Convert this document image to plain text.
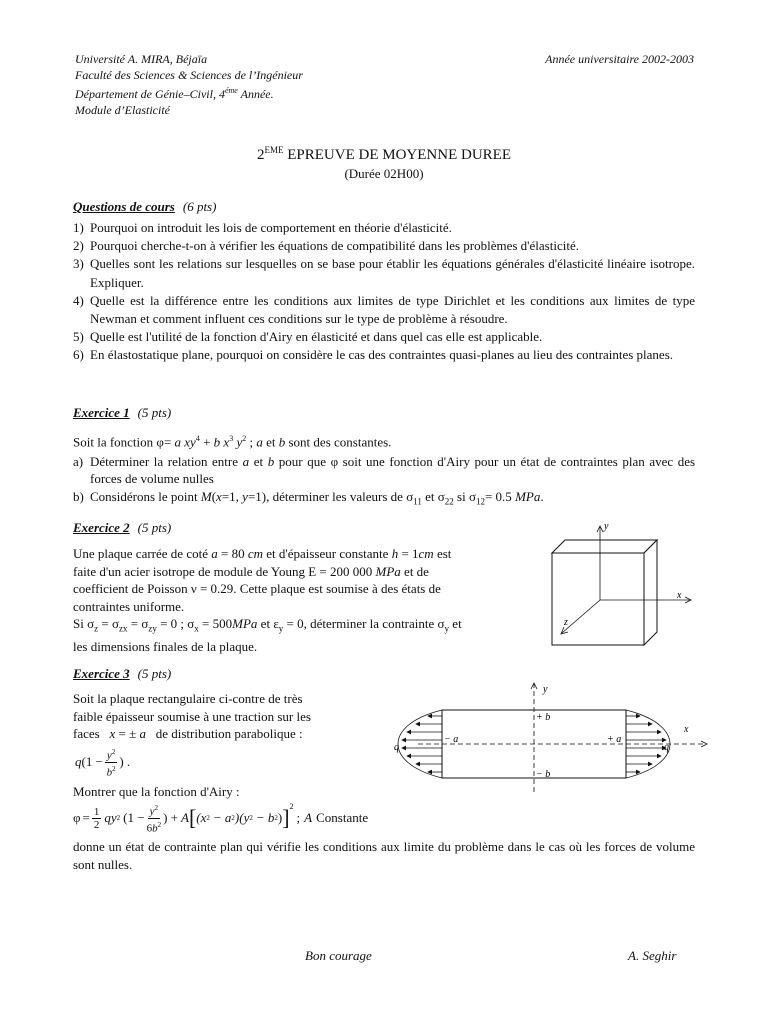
Université A. MIRA, Béjaïa
Faculté des Sciences & Sciences de l’Ingénieur
Département de Génie–Civil, $4^{éme}$ Année.
Module d’Elasticité
Année universitaire 2002-2003
2EME EPREUVE DE MOYENNE DUREE
(Durée 02H00)
Questions de cours (6 pts)
1) Pourquoi on introduit les lois de comportement en théorie d'élasticité.
2) Pourquoi cherche-t-on à vérifier les équations de compatibilité dans les problèmes d'élasticité.
3) Quelles sont les relations sur lesquelles on se base pour établir les équations générales d'élasticité linéaire isotrope. Expliquer.
4) Quelle est la différence entre les conditions aux limites de type Dirichlet et les conditions aux limites de type Newman et comment influent ces conditions sur le type de problème à résoudre.
5) Quelle est l'utilité de la fonction d'Airy en élasticité et dans quel cas elle est applicable.
6) En élastostatique plane, pourquoi on considère le cas des contraintes quasi-planes au lieu des contraintes planes.
Exercice 1 (5 pts)
Soit la fonction φ= a $xy^4 + b$ $x^3$ $y^2$ ; a et b sont des constantes.
a) Déterminer la relation entre a et b pour que φ soit une fonction d'Airy pour un état de contraintes plan avec des forces de volume nulles
b) Considérons le point M(x=1, y=1), déterminer les valeurs de $\sigma_{11}$ et $\sigma_{22}$ si $\sigma_{12}= 0.5$ MPa.
Exercice 2 (5 pts)
Une plaque carrée de coté a = 80 cm et d'épaisseur constante h = 1cm est
faite d'un acier isotrope de module de Young E = 200 000 MPa et de
coefficient de Poisson ν = 0.29. Cette plaque est soumise à des états de
contraintes uniforme.
Si $\sigma_z = \sigma_{zx} = \sigma_{zy} = 0$ ; $\sigma_x = 500MPa$ et $\varepsilon_y = 0$, déterminer la contrainte $\sigma_y$ et
les dimensions finales de la plaque.
y
x
z
Exercice 3 (5 pts)
Soit la plaque rectangulaire ci-contre de très
faible épaisseur soumise à une traction sur les
faces x = ± a de distribution parabolique :
q ($1 - \frac{y^2}{b^2}$ ) .
Montrer que la fonction d'Airy :
$\varphi = \frac{1}{2}$ qy 2 ($1 - \frac{y^2}{6b^2}$ ) + A [ (x 2 − a 2 )(y 2 − b 2 ) ]$^2$
; A Constante
donne un état de contrainte plan qui vérifie les conditions aux limite du problème dans le cas où les forces de volume sont nulles.
y
x
+ b
− b
− a	+ a
q	q
Bon courage	A. Seghir
